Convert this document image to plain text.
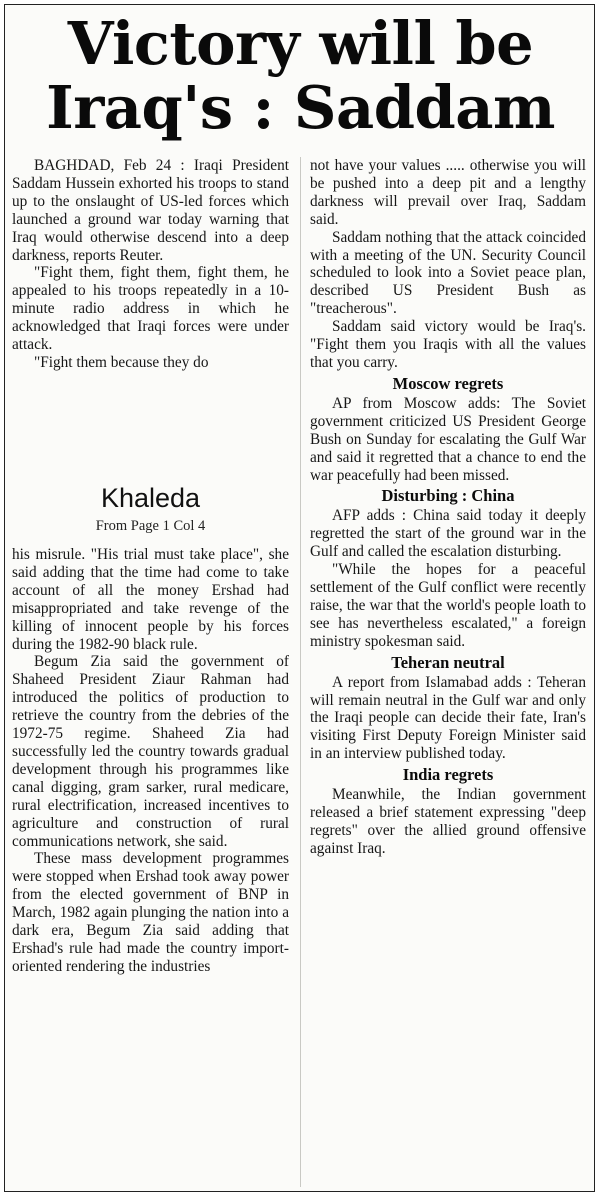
Victory will be Iraq's : Saddam

BAGHDAD, Feb 24 : Iraqi President Saddam Hussein exhorted his troops to stand up to the onslaught of US-led forces which launched a ground war today warning that Iraq would otherwise descend into a deep darkness, reports Reuter.

"Fight them, fight them, fight them, he appealed to his troops repeatedly in a 10-minute radio address in which he acknowledged that Iraqi forces were under attack.

"Fight them because they do

Khaleda
From Page 1 Col 4

his misrule. "His trial must take place", she said adding that the time had come to take account of all the money Ershad had misappropriated and take revenge of the killing of innocent people by his forces during the 1982-90 black rule.

Begum Zia said the government of Shaheed President Ziaur Rahman had introduced the politics of production to retrieve the country from the debries of the 1972-75 regime. Shaheed Zia had successfully led the country towards gradual development through his programmes like canal digging, gram sarker, rural medicare, rural electrification, increased incentives to agriculture and construction of rural communications network, she said.

These mass development programmes were stopped when Ershad took away power from the elected government of BNP in March, 1982 again plunging the nation into a dark era, Begum Zia said adding that Ershad's rule had made the country import-oriented rendering the industries

not have your values ..... otherwise you will be pushed into a deep pit and a lengthy darkness will prevail over Iraq, Saddam said.

Saddam nothing that the attack coincided with a meeting of the UN. Security Council scheduled to look into a Soviet peace plan, described US President Bush as "treacherous".

Saddam said victory would be Iraq's. "Fight them you Iraqis with all the values that you carry.

Moscow regrets

AP from Moscow adds: The Soviet government criticized US President George Bush on Sunday for escalating the Gulf War and said it regretted that a chance to end the war peacefully had been missed.

Disturbing : China

AFP adds : China said today it deeply regretted the start of the ground war in the Gulf and called the escalation disturbing.

"While the hopes for a peaceful settlement of the Gulf conflict were recently raise, the war that the world's people loath to see has nevertheless escalated," a foreign ministry spokesman said.

Teheran neutral

A report from Islamabad adds : Teheran will remain neutral in the Gulf war and only the Iraqi people can decide their fate, Iran's visiting First Deputy Foreign Minister said in an interview published today.

India regrets

Meanwhile, the Indian government released a brief statement expressing "deep regrets" over the allied ground offensive against Iraq.
